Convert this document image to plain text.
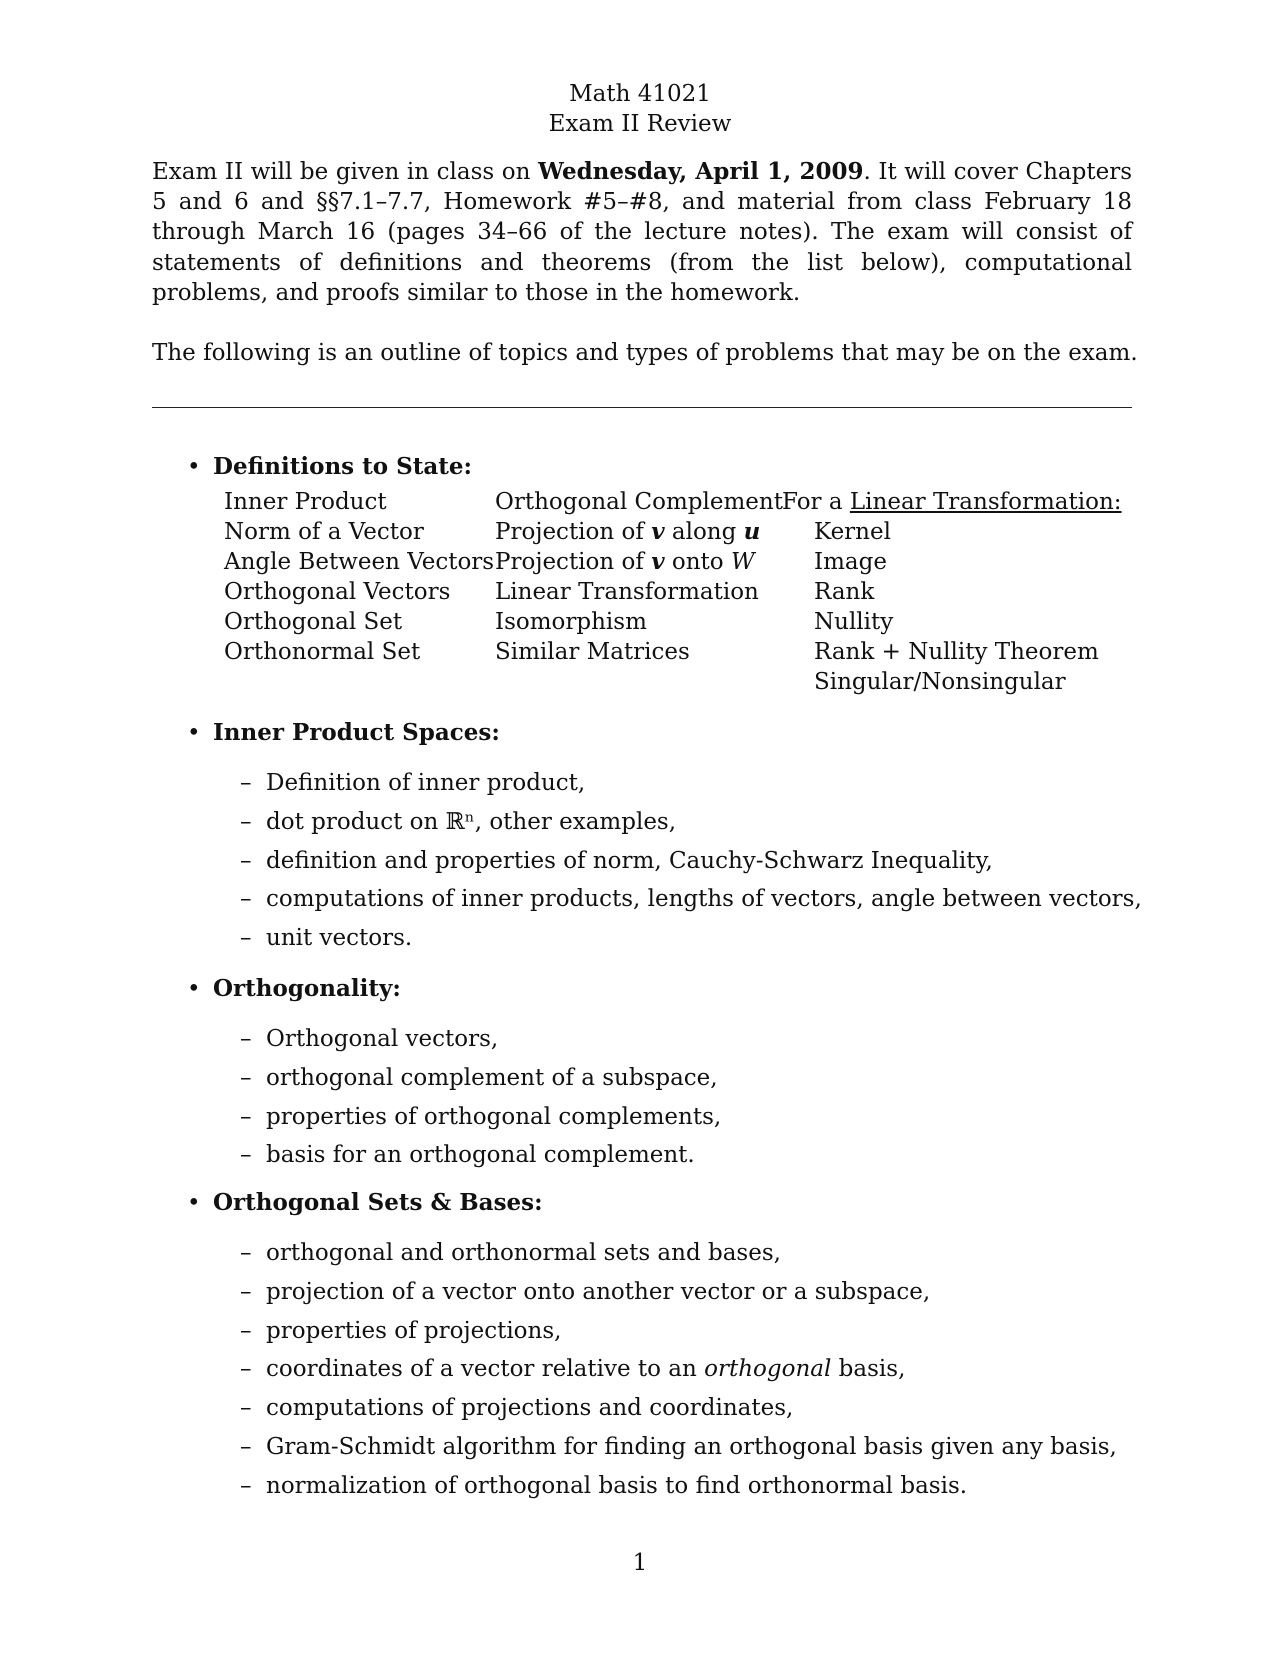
Math 41021
Exam II Review

Exam II will be given in class on Wednesday, April 1, 2009. It will cover Chapters 5 and 6 and §§7.1–7.7, Homework #5–#8, and material from class February 18 through March 16 (pages 34–66 of the lecture notes). The exam will consist of statements of definitions and theorems (from the list below), computational problems, and proofs similar to those in the homework.

The following is an outline of topics and types of problems that may be on the exam.

• Definitions to State:
Inner Product
Norm of a Vector
Angle Between Vectors
Orthogonal Vectors
Orthogonal Set
Orthonormal Set
Orthogonal Complement
Projection of v along u
Projection of v onto W
Linear Transformation
Isomorphism
Similar Matrices
For a Linear Transformation:
Kernel
Image
Rank
Nullity
Rank + Nullity Theorem
Singular/Nonsingular
• Inner Product Spaces:
– Definition of inner product,
– dot product on ℝⁿ, other examples,
– definition and properties of norm, Cauchy-Schwarz Inequality,
– computations of inner products, lengths of vectors, angle between vectors,
– unit vectors.
• Orthogonality:
– Orthogonal vectors,
– orthogonal complement of a subspace,
– properties of orthogonal complements,
– basis for an orthogonal complement.
• Orthogonal Sets & Bases:
– orthogonal and orthonormal sets and bases,
– projection of a vector onto another vector or a subspace,
– properties of projections,
– coordinates of a vector relative to an orthogonal basis,
– computations of projections and coordinates,
– Gram-Schmidt algorithm for finding an orthogonal basis given any basis,
– normalization of orthogonal basis to find orthonormal basis.
1
